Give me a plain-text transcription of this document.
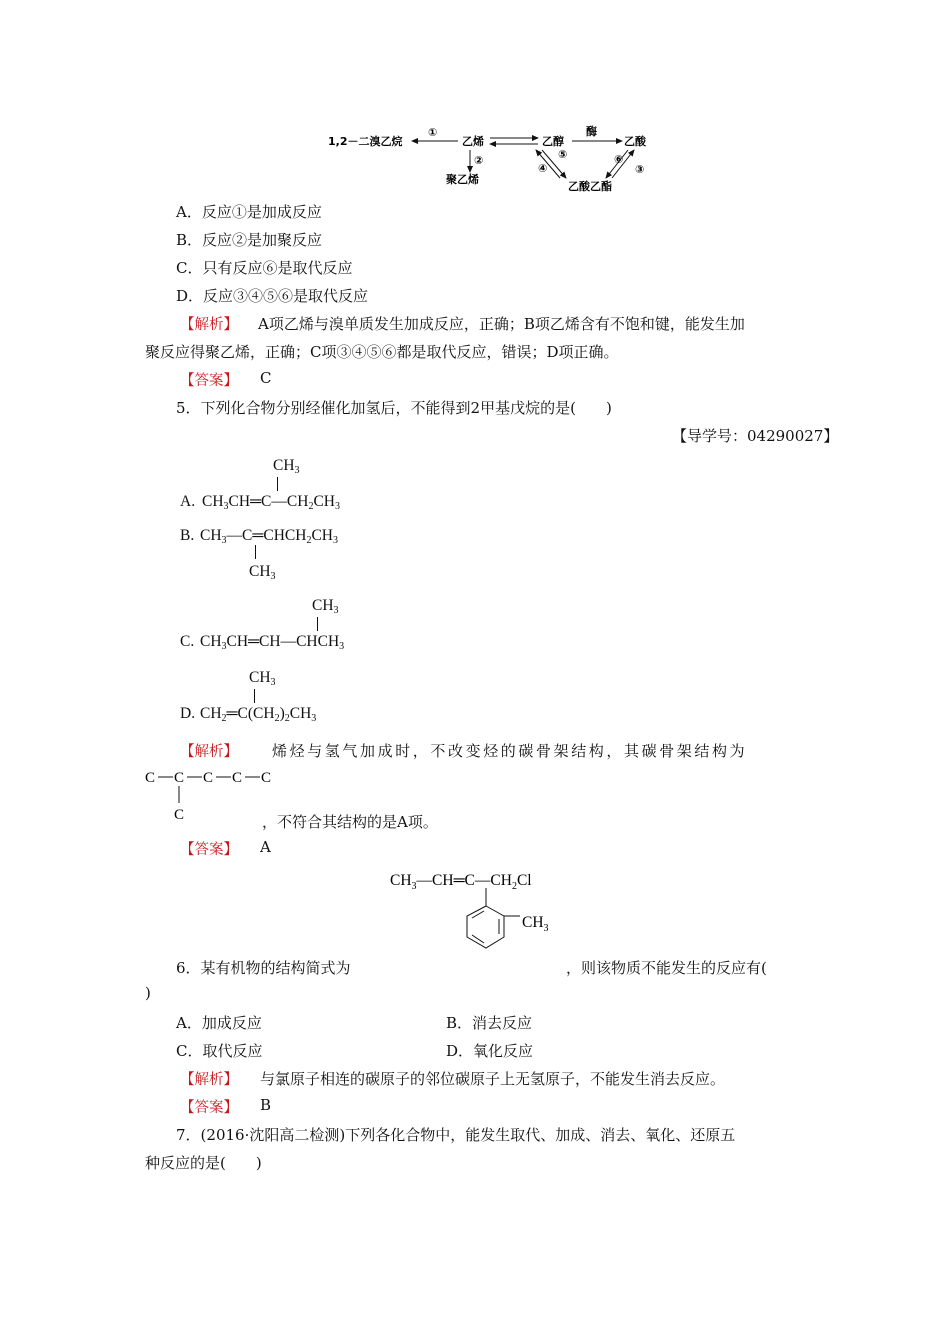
1,2－二溴乙烷
①
乙烯
②
聚乙烯
乙醇
酶
乙酸
④
⑤	⑥
③
乙酸乙酯
A．反应①是加成反应
B．反应②是加聚反应
C．只有反应⑥是取代反应
D．反应③④⑤⑥是取代反应
【解析】 A项乙烯与溴单质发生加成反应，正确；B项乙烯含有不饱和键，能发生加
聚反应得聚乙烯，正确；C项③④⑤⑥都是取代反应，错误；D项正确。
【答案】 C
5．下列化合物分别经催化加氢后，不能得到2甲基戊烷的是(　　)
【导学号：04290027】
A. $CH_3CH═C—CH_2CH_3$
$CH_3$
B. $CH_3—C═CHCH_2CH_3$
$CH_3$
$CH_3$
C. $CH_3CH═CH—CHCH_3$
$CH_3$
D. $CH_2═C(CH_2)_2CH_3$
【解析】 烯烃与氢气加成时，不改变烃的碳骨架结构，其碳骨架结构为
C C C C C
C	，不符合其结构的是A项。
【答案】 A
$CH_3—CH═C—CH_2Cl$
$CH_3$
6．某有机物的结构简式为	，则该物质不能发生的反应有(
)
A．加成反应	B．消去反应
C．取代反应	D．氧化反应
【解析】 与氯原子相连的碳原子的邻位碳原子上无氢原子，不能发生消去反应。
【答案】 B
7．(2016·沈阳高二检测)下列各化合物中，能发生取代、加成、消去、氧化、还原五
种反应的是(　　)
